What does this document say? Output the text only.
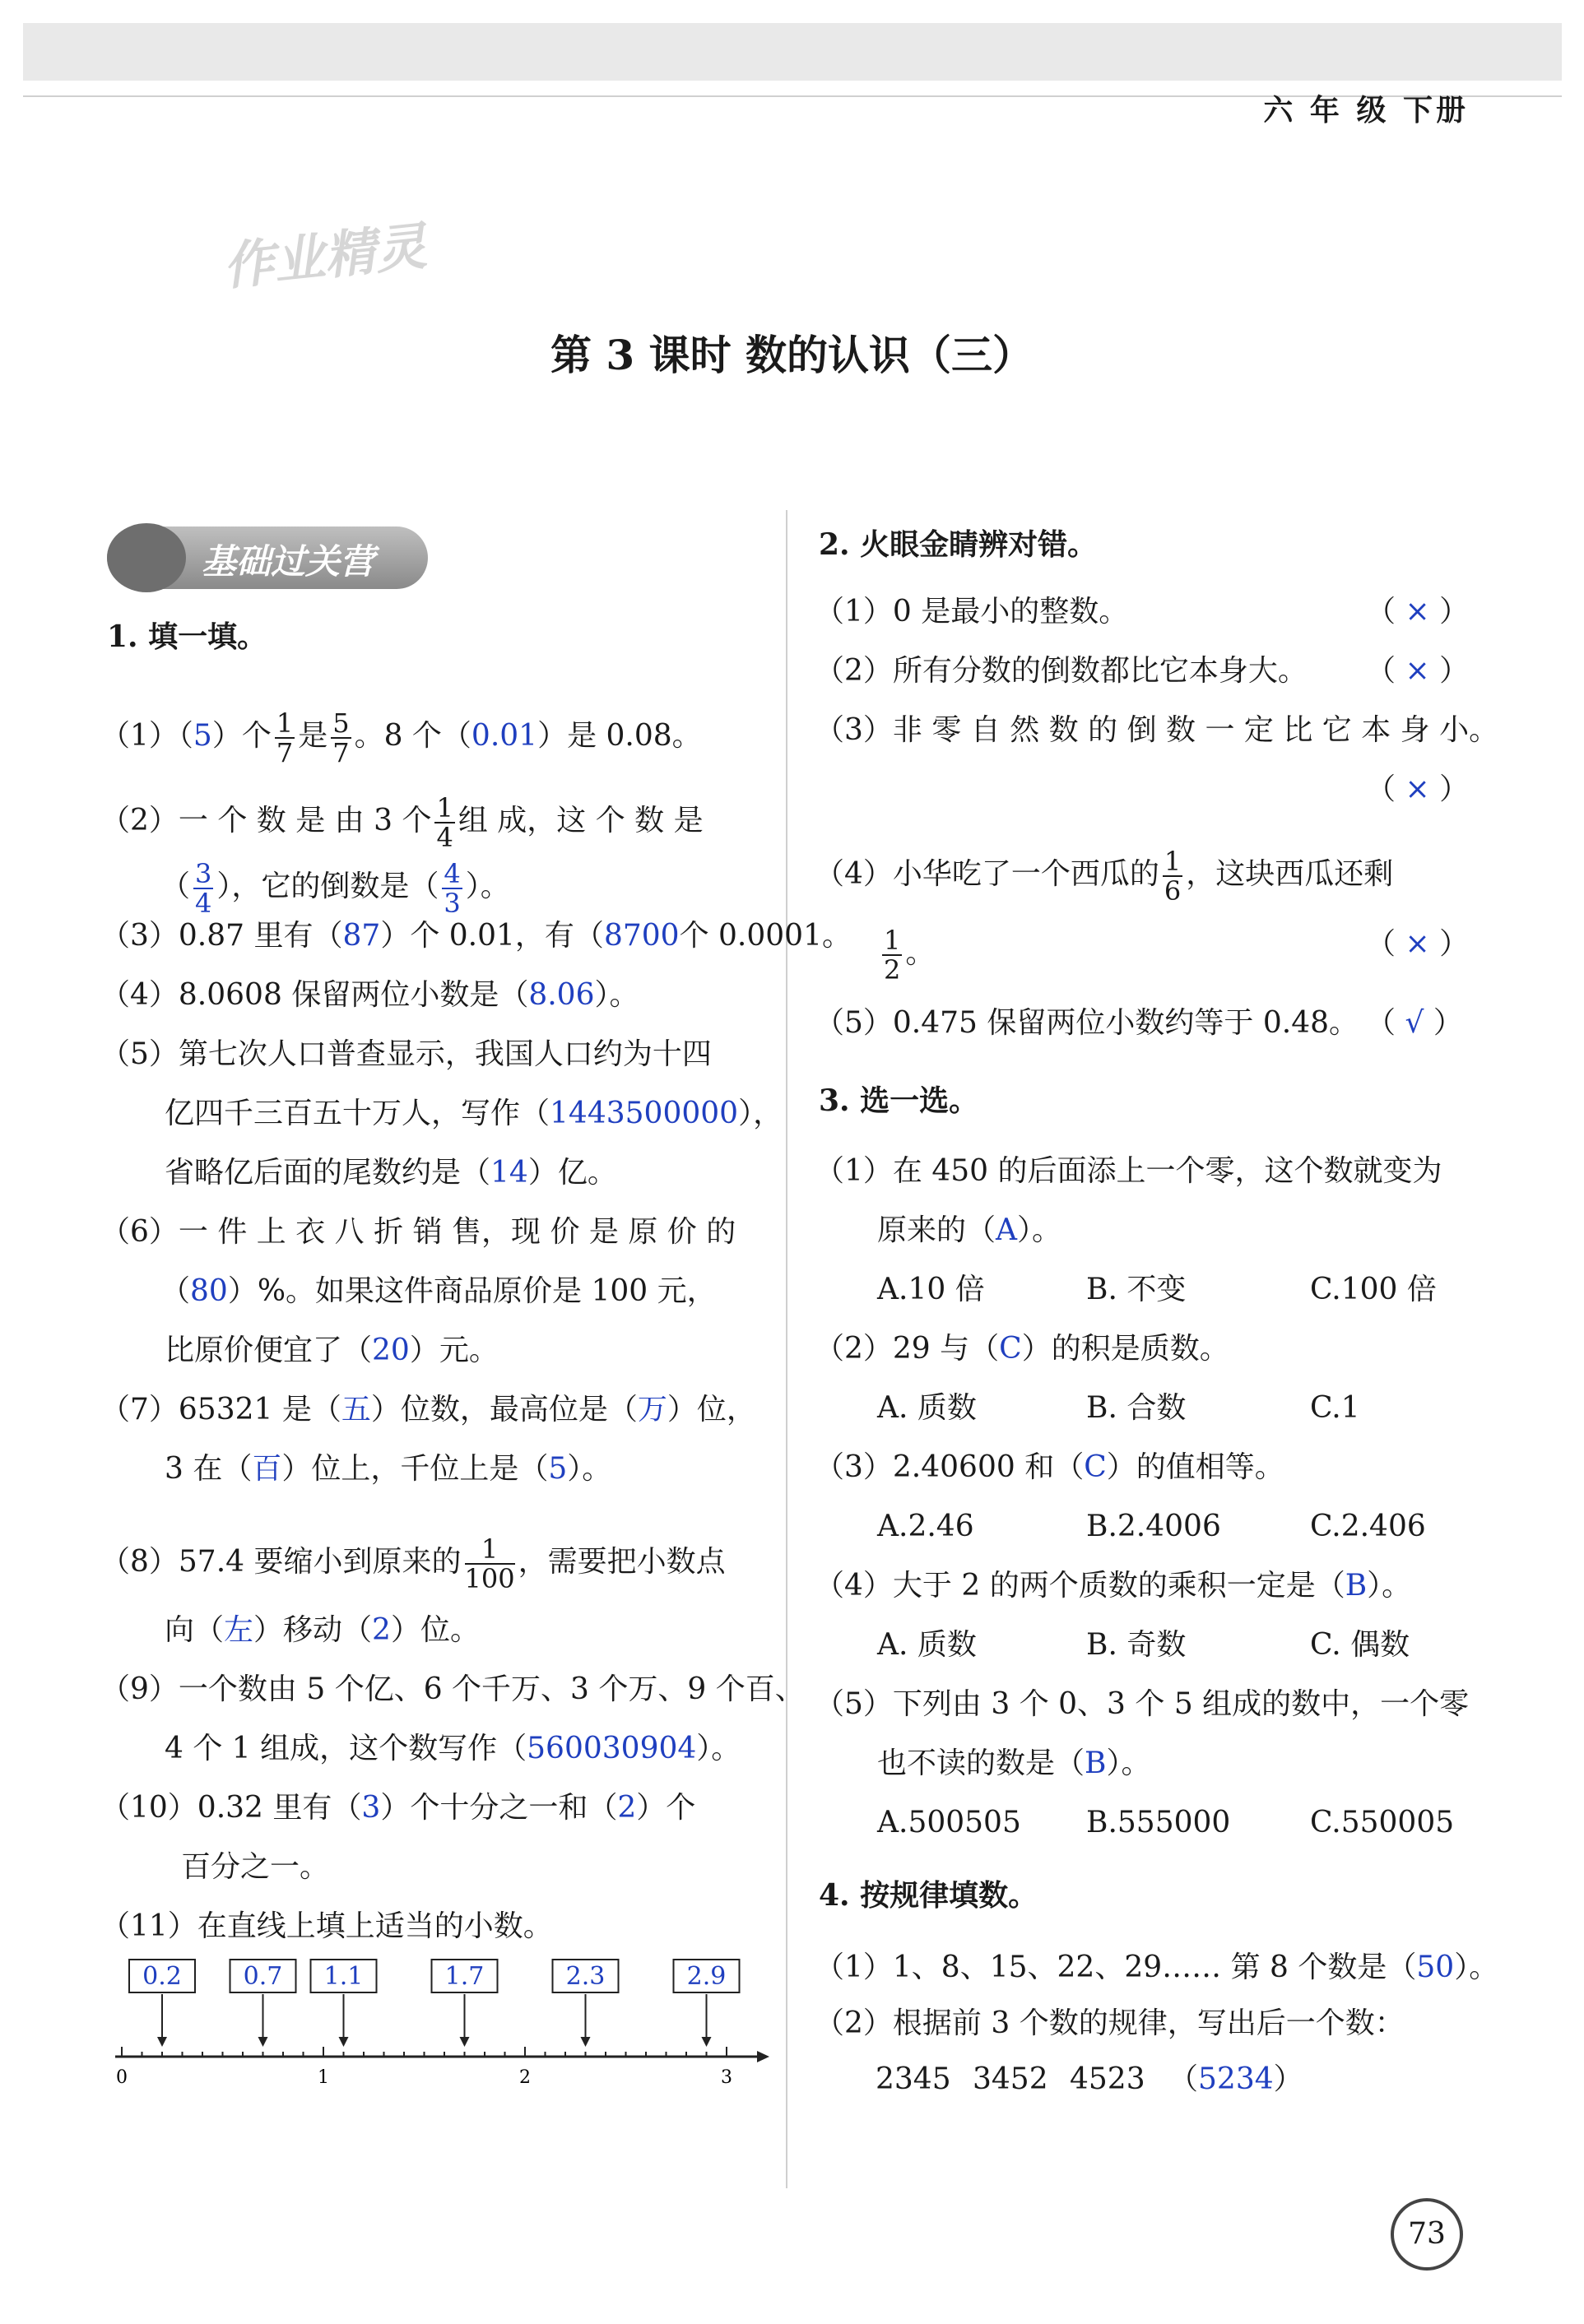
六 年 级 下册
作业精灵
第 3 课时 数的认识（三）
基础过关营
1. 填一填。
（1）（5）个 $\frac{1}{7}$ 是 $\frac{5}{7}$ 。8 个（0.01）是 0.08。
（2）一 个 数 是 由 3 个 $\frac{1}{4}$ 组 成，这 个 数 是
（ $\frac{3}{4}$ ），它的倒数是（ $\frac{4}{3}$ ）。
（3）0.87 里有（87）个 0.01，有（8700个 0.0001。
（4）8.0608 保留两位小数是（8.06）。
（5）第七次人口普查显示，我国人口约为十四
亿四千三百五十万人，写作（1443500000），
省略亿后面的尾数约是（14）亿。
（6）一 件 上 衣 八 折 销 售，现 价 是 原 价 的
（80）%。如果这件商品原价是 100 元，
比原价便宜了（20）元。
（7）65321 是（五）位数，最高位是（万）位，
3 在（百）位上，千位上是（5）。
（8）57.4 要缩小到原来的 $\frac{1}{100}$ ，需要把小数点
向（左）移动（2）位。
（9）一个数由 5 个亿、6 个千万、3 个万、9 个百、
4 个 1 组成，这个数写作（560030904）。
（10）0.32 里有（3）个十分之一和（2）个
百分之一。
（11）在直线上填上适当的小数。
0.2 0.7 1.1	1.7	2.3	2.9
0	1	2	3
2. 火眼金睛辨对错。
（1）0 是最小的整数。	（ × ）
（2）所有分数的倒数都比它本身大。 （ × ）
（3）非 零 自 然 数 的 倒 数 一 定 比 它 本 身 小。
（ × ）
（4）小华吃了一个西瓜的 $\frac{1}{6}$ ，这块西瓜还剩
$\frac{1}{2}$ 。	（ × ）
（5）0.475 保留两位小数约等于 0.48。 （ √ ）
3. 选一选。
（1）在 450 的后面添上一个零，这个数就变为
原来的（A）。
A.10 倍	B. 不变	C.100 倍
（2）29 与（C）的积是质数。
A. 质数	B. 合数	C.1
（3）2.40600 和（C）的值相等。
A.2.46	B.2.4006	C.2.406
（4）大于 2 的两个质数的乘积一定是（B）。
A. 质数	B. 奇数	C. 偶数
（5）下列由 3 个 0、3 个 5 组成的数中，一个零
也不读的数是（B）。
A.500505 B.555000	C.550005
4. 按规律填数。
（1）1、8、15、22、29…… 第 8 个数是（50）。
（2）根据前 3 个数的规律，写出后一个数：
2345 3452 4523 （5234）
73
